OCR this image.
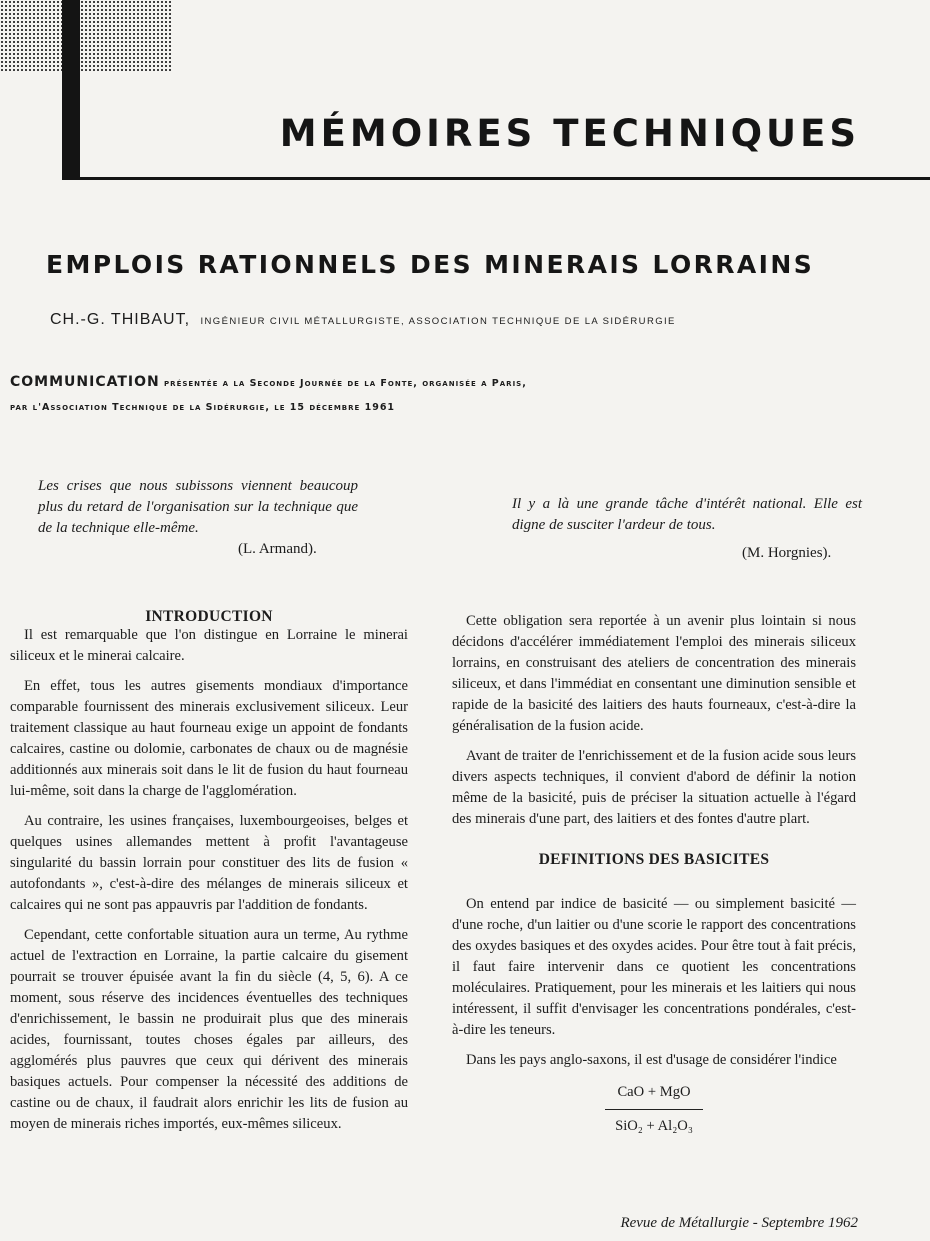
MÉMOIRES TECHNIQUES
EMPLOIS RATIONNELS DES MINERAIS LORRAINS
CH.-G. THIBAUT, INGÉNIEUR CIVIL MÉTALLURGISTE, ASSOCIATION TECHNIQUE DE LA SIDÉRURGIE
COMMUNICATION présentée a la Seconde Journée de la Fonte, organisée a Paris,
par l'Association Technique de la Sidérurgie, le 15 décembre 1961
Les crises que nous subissons viennent beaucoup plus du retard de l'organisation sur la technique que de la technique elle-même.
(L. Armand).
Il y a là une grande tâche d'intérêt national. Elle est digne de susciter l'ardeur de tous.
(M. Horgnies).
INTRODUCTION

Il est remarquable que l'on distingue en Lorraine le minerai siliceux et le minerai calcaire.

En effet, tous les autres gisements mondiaux d'importance comparable fournissent des minerais exclusivement siliceux. Leur traitement classique au haut fourneau exige un appoint de fondants calcaires, castine ou dolomie, carbonates de chaux ou de magnésie additionnés aux minerais soit dans le lit de fusion du haut fourneau lui-même, soit dans la charge de l'agglomération.

Au contraire, les usines françaises, luxembourgeoises, belges et quelques usines allemandes mettent à profit l'avantageuse singularité du bassin lorrain pour constituer des lits de fusion « autofondants », c'est-à-dire des mélanges de minerais siliceux et calcaires qui ne sont pas appauvris par l'addition de fondants.

Cependant, cette confortable situation aura un terme, Au rythme actuel de l'extraction en Lorraine, la partie calcaire du gisement pourrait se trouver épuisée avant la fin du siècle (4, 5, 6). A ce moment, sous réserve des incidences éventuelles des techniques d'enrichissement, le bassin ne produirait plus que des minerais acides, fournissant, toutes choses égales par ailleurs, des agglomérés plus pauvres que ceux qui dérivent des minerais basiques actuels. Pour compenser la nécessité des additions de castine ou de chaux, il faudrait alors enrichir les lits de fusion au moyen de minerais riches importés, eux-mêmes siliceux.

Cette obligation sera reportée à un avenir plus lointain si nous décidons d'accélérer immédiatement l'emploi des minerais siliceux lorrains, en construisant des ateliers de concentration des minerais siliceux, et dans l'immédiat en consentant une diminution sensible et rapide de la basicité des laitiers des hauts fourneaux, c'est-à-dire la généralisation de la fusion acide.

Avant de traiter de l'enrichissement et de la fusion acide sous leurs divers aspects techniques, il convient d'abord de définir la notion même de la basicité, puis de préciser la situation actuelle à l'égard des minerais d'une part, des laitiers et des fontes d'autre plart.

DEFINITIONS DES BASICITES

On entend par indice de basicité — ou simplement basicité — d'une roche, d'un laitier ou d'une scorie le rapport des concentrations des oxydes basiques et des oxydes acides. Pour être tout à fait précis, il faut faire intervenir dans ce quotient les concentrations moléculaires. Pratiquement, pour les minerais et les laitiers qui nous intéressent, il suffit d'envisager les concentrations pondérales, c'est-à-dire les teneurs.

Dans les pays anglo-saxons, il est d'usage de considérer l'indice

CaO + MgO
SiO₂ + Al₂O₃
Revue de Métallurgie - Septembre 1962
